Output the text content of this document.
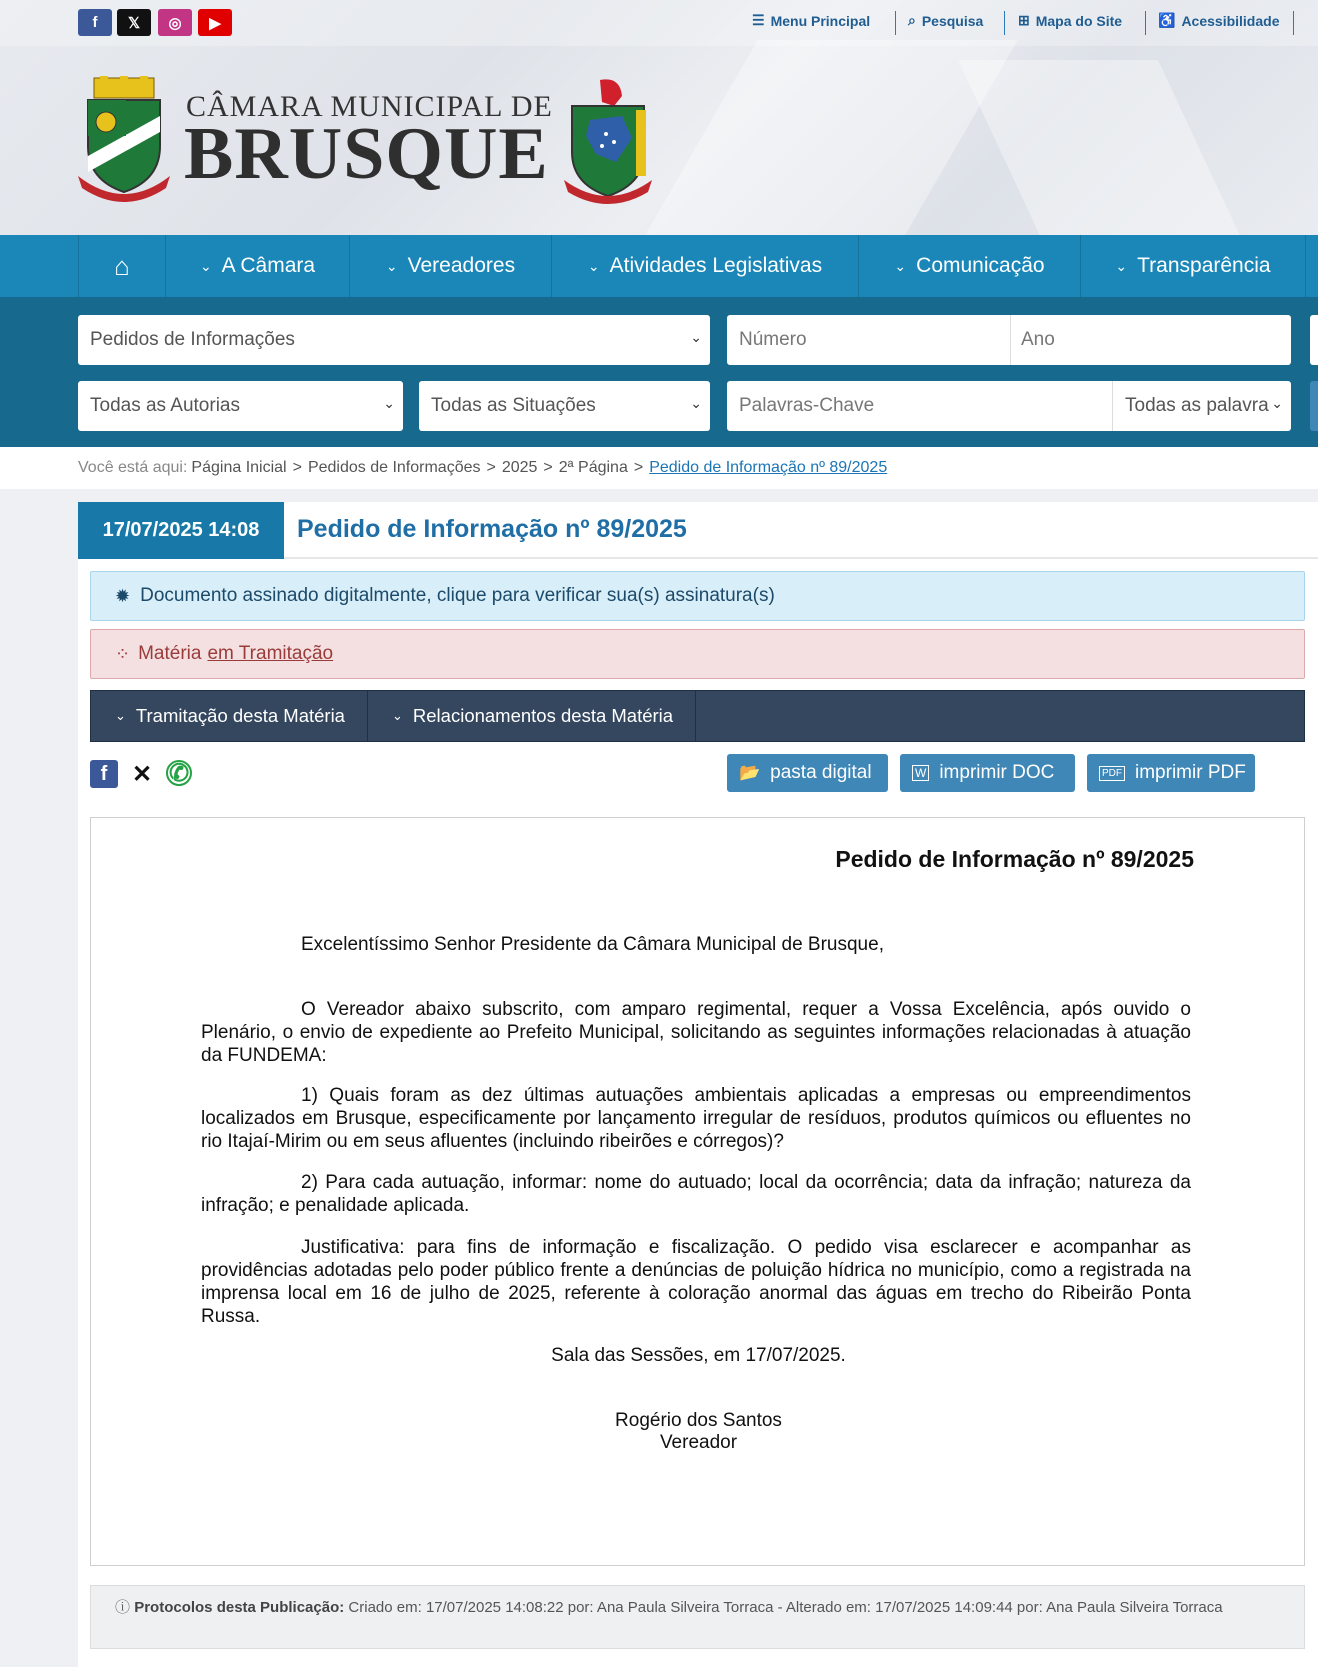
f	𝕏	◎	▶	☰ Menu Principal	⌕ Pesquisa ⊞ Mapa do Site	♿ Acessibilidade
CÂMARA MUNICIPAL DE
BRUSQUE
⌂	⌄ A Câmara	⌄ Vereadores	⌄ Atividades Legislativas	⌄ Comunicação	⌄ Transparência
Pedidos de Informações	⌄ Número	Ano
Todas as Autorias	⌄ Todas as Situações	⌄ Palavras-Chave	Todas as palavra ⌄
Você está aqui: Página Inicial > Pedidos de Informações > 2025 > 2ª Página > Pedido de Informação nº 89/2025
17/07/2025 14:08	Pedido de Informação nº 89/2025
✹ Documento assinado digitalmente, clique para verificar sua(s) assinatura(s)
⁘ Matéria em Tramitação
⌄ Tramitação desta Matéria	⌄ Relacionamentos desta Matéria
f	✕ ✆	📂 pasta digital	W imprimir DOC	PDF imprimir PDF
Pedido de Informação nº 89/2025
Excelentíssimo Senhor Presidente da Câmara Municipal de Brusque,
O Vereador abaixo subscrito, com amparo regimental, requer a Vossa Excelência, após ouvido o Plenário, o envio de expediente ao Prefeito Municipal, solicitando as seguintes informações relacionadas à atuação da FUNDEMA:
1) Quais foram as dez últimas autuações ambientais aplicadas a empresas ou empreendimentos localizados em Brusque, especificamente por lançamento irregular de resíduos, produtos químicos ou efluentes no rio Itajaí-Mirim ou em seus afluentes (incluindo ribeirões e córregos)?
2) Para cada autuação, informar: nome do autuado; local da ocorrência; data da infração; natureza da infração; e penalidade aplicada.
Justificativa: para fins de informação e fiscalização. O pedido visa esclarecer e acompanhar as providências adotadas pelo poder público frente a denúncias de poluição hídrica no município, como a registrada na imprensa local em 16 de julho de 2025, referente à coloração anormal das águas em trecho do Ribeirão Ponta Russa.
Sala das Sessões, em 17/07/2025.
Rogério dos Santos
Vereador
ⓘ Protocolos desta Publicação: Criado em: 17/07/2025 14:08:22 por: Ana Paula Silveira Torraca - Alterado em: 17/07/2025 14:09:44 por: Ana Paula Silveira Torraca
